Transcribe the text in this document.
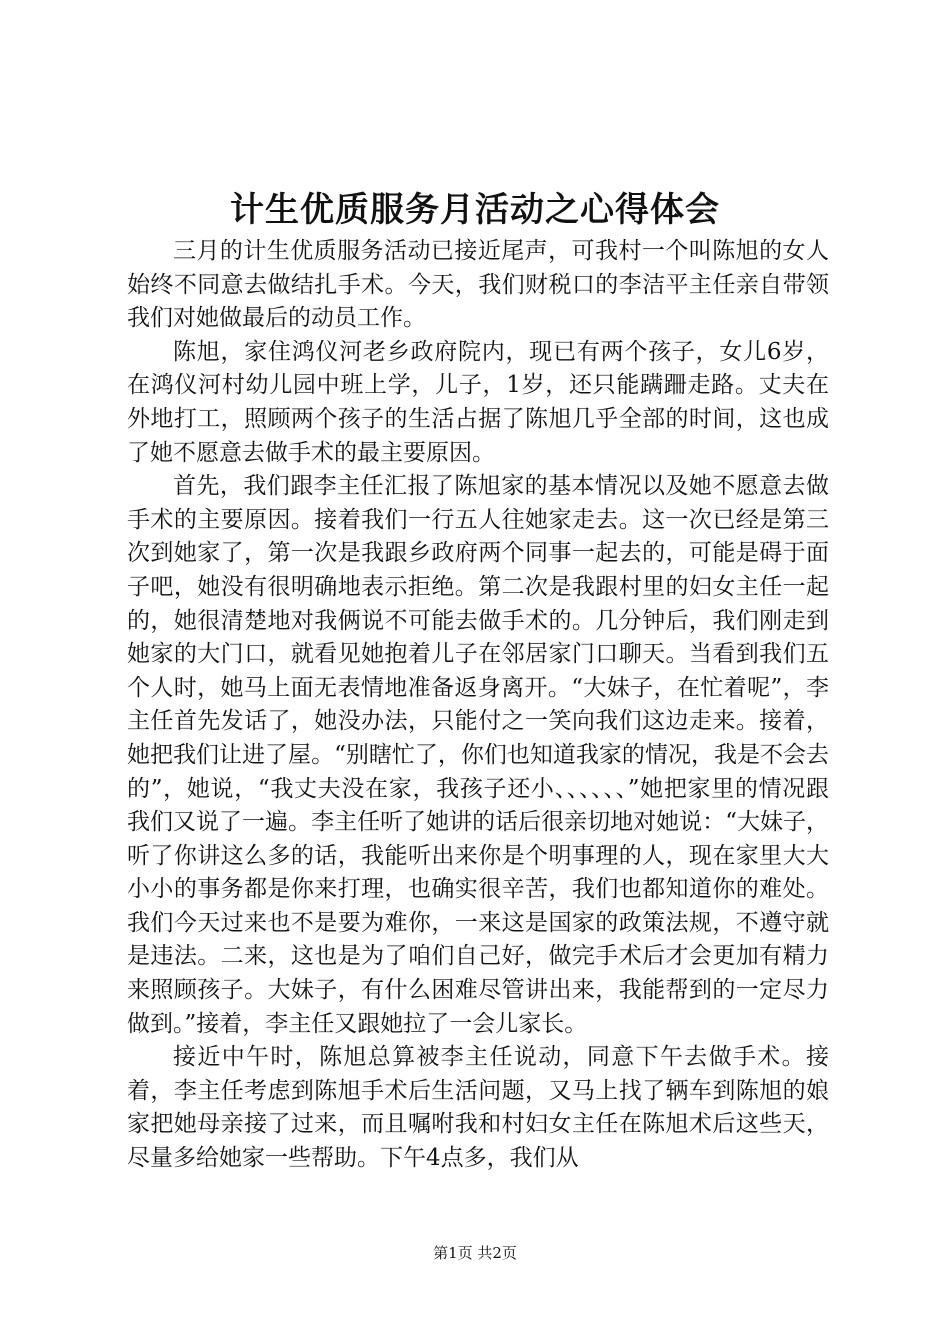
计生优质服务月活动之心得体会

三月的计生优质服务活动已接近尾声，可我村一个叫陈旭的女人始终不同意去做结扎手术。今天，我们财税口的李洁平主任亲自带领我们对她做最后的动员工作。

陈旭，家住鸿仪河老乡政府院内，现已有两个孩子，女儿6岁，在鸿仪河村幼儿园中班上学，儿子，1岁，还只能蹒跚走路。丈夫在外地打工，照顾两个孩子的生活占据了陈旭几乎全部的时间，这也成了她不愿意去做手术的最主要原因。

首先，我们跟李主任汇报了陈旭家的基本情况以及她不愿意去做手术的主要原因。接着我们一行五人往她家走去。这一次已经是第三次到她家了，第一次是我跟乡政府两个同事一起去的，可能是碍于面子吧，她没有很明确地表示拒绝。第二次是我跟村里的妇女主任一起的，她很清楚地对我俩说不可能去做手术的。几分钟后，我们刚走到她家的大门口，就看见她抱着儿子在邻居家门口聊天。当看到我们五个人时，她马上面无表情地准备返身离开。“大妹子，在忙着呢”，李主任首先发话了，她没办法，只能付之一笑向我们这边走来。接着，她把我们让进了屋。“别瞎忙了，你们也知道我家的情况，我是不会去的”，她说，“我丈夫没在家，我孩子还小、、、、、、”她把家里的情况跟我们又说了一遍。李主任听了她讲的话后很亲切地对她说：“大妹子，听了你讲这么多的话，我能听出来你是个明事理的人，现在家里大大小小的事务都是你来打理，也确实很辛苦，我们也都知道你的难处。我们今天过来也不是要为难你，一来这是国家的政策法规，不遵守就是违法。二来，这也是为了咱们自己好，做完手术后才会更加有精力来照顾孩子。大妹子，有什么困难尽管讲出来，我能帮到的一定尽力做到。”接着，李主任又跟她拉了一会儿家长。

接近中午时，陈旭总算被李主任说动，同意下午去做手术。接着，李主任考虑到陈旭手术后生活问题，又马上找了辆车到陈旭的娘家把她母亲接了过来，而且嘱咐我和村妇女主任在陈旭术后这些天，尽量多给她家一些帮助。下午4点多，我们从

第1页 共2页
